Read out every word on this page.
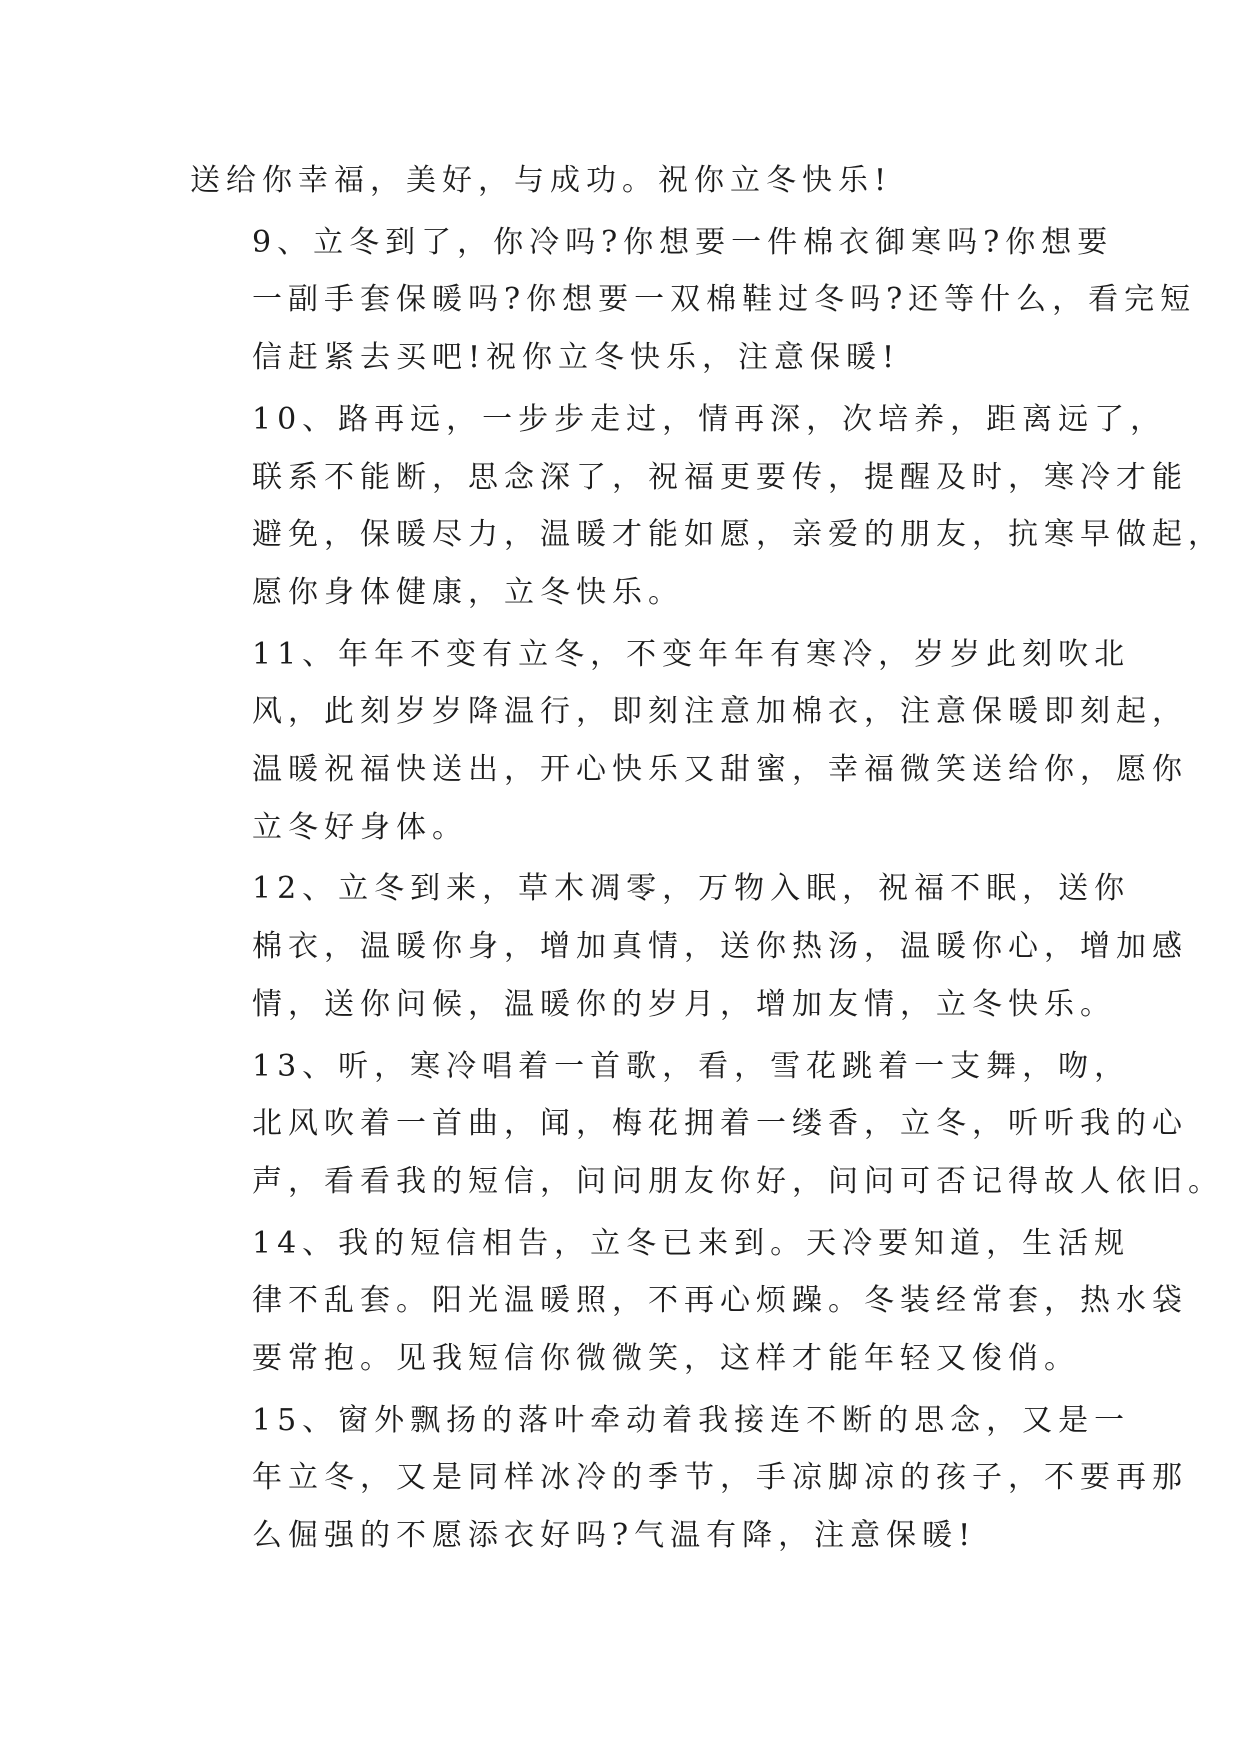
送给你幸福，美好，与成功。祝你立冬快乐!

9、立冬到了，你冷吗?你想要一件棉衣御寒吗?你想要
一副手套保暖吗?你想要一双棉鞋过冬吗?还等什么，看完短
信赶紧去买吧!祝你立冬快乐，注意保暖!

10、路再远，一步步走过，情再深，次培养，距离远了，
联系不能断，思念深了，祝福更要传，提醒及时，寒冷才能
避免，保暖尽力，温暖才能如愿，亲爱的朋友，抗寒早做起，
愿你身体健康，立冬快乐。

11、年年不变有立冬，不变年年有寒冷，岁岁此刻吹北
风，此刻岁岁降温行，即刻注意加棉衣，注意保暖即刻起，
温暖祝福快送出，开心快乐又甜蜜，幸福微笑送给你，愿你
立冬好身体。

12、立冬到来，草木凋零，万物入眠，祝福不眠，送你
棉衣，温暖你身，增加真情，送你热汤，温暖你心，增加感
情，送你问候，温暖你的岁月，增加友情，立冬快乐。

13、听，寒冷唱着一首歌，看，雪花跳着一支舞，吻，
北风吹着一首曲，闻，梅花拥着一缕香，立冬，听听我的心
声，看看我的短信，问问朋友你好，问问可否记得故人依旧。

14、我的短信相告，立冬已来到。天冷要知道，生活规
律不乱套。阳光温暖照，不再心烦躁。冬装经常套，热水袋
要常抱。见我短信你微微笑，这样才能年轻又俊俏。

15、窗外飘扬的落叶牵动着我接连不断的思念，又是一
年立冬，又是同样冰冷的季节，手凉脚凉的孩子，不要再那
么倔强的不愿添衣好吗?气温有降，注意保暖!
